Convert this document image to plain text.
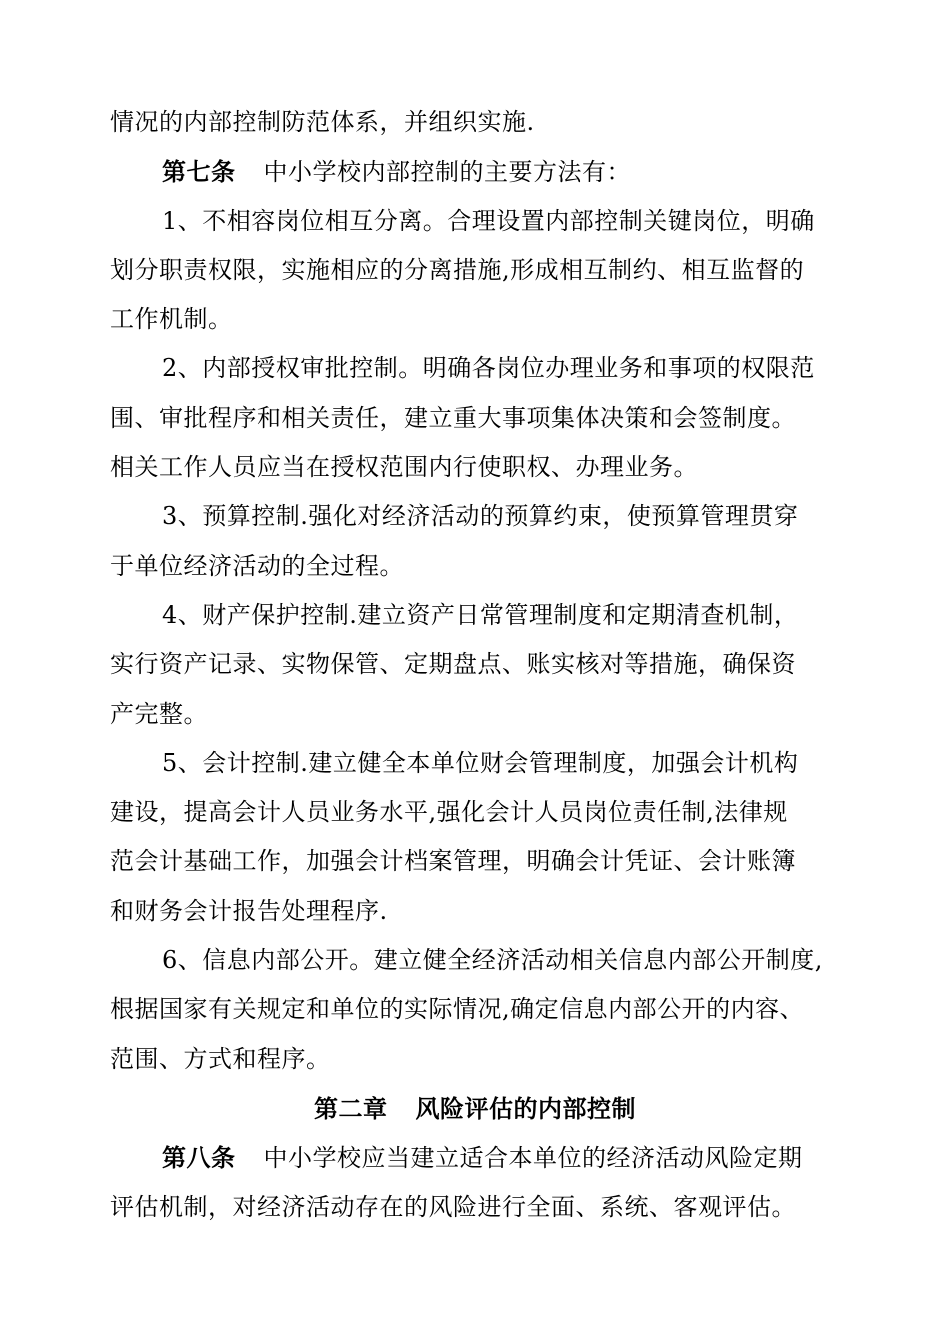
情况的内部控制防范体系，并组织实施.
第七条 中小学校内部控制的主要方法有：
1、不相容岗位相互分离。合理设置内部控制关键岗位，明确
划分职责权限，实施相应的分离措施,形成相互制约、相互监督的
工作机制。
2、内部授权审批控制。明确各岗位办理业务和事项的权限范
围、审批程序和相关责任，建立重大事项集体决策和会签制度。
相关工作人员应当在授权范围内行使职权、办理业务。
3、预算控制.强化对经济活动的预算约束，使预算管理贯穿
于单位经济活动的全过程。
4、财产保护控制.建立资产日常管理制度和定期清查机制，
实行资产记录、实物保管、定期盘点、账实核对等措施，确保资
产完整。
5、会计控制.建立健全本单位财会管理制度，加强会计机构
建设，提高会计人员业务水平,强化会计人员岗位责任制,法律规
范会计基础工作，加强会计档案管理，明确会计凭证、会计账簿
和财务会计报告处理程序.
6、信息内部公开。建立健全经济活动相关信息内部公开制度,
根据国家有关规定和单位的实际情况,确定信息内部公开的内容、
范围、方式和程序。
第二章 风险评估的内部控制
第八条 中小学校应当建立适合本单位的经济活动风险定期
评估机制，对经济活动存在的风险进行全面、系统、客观评估。
